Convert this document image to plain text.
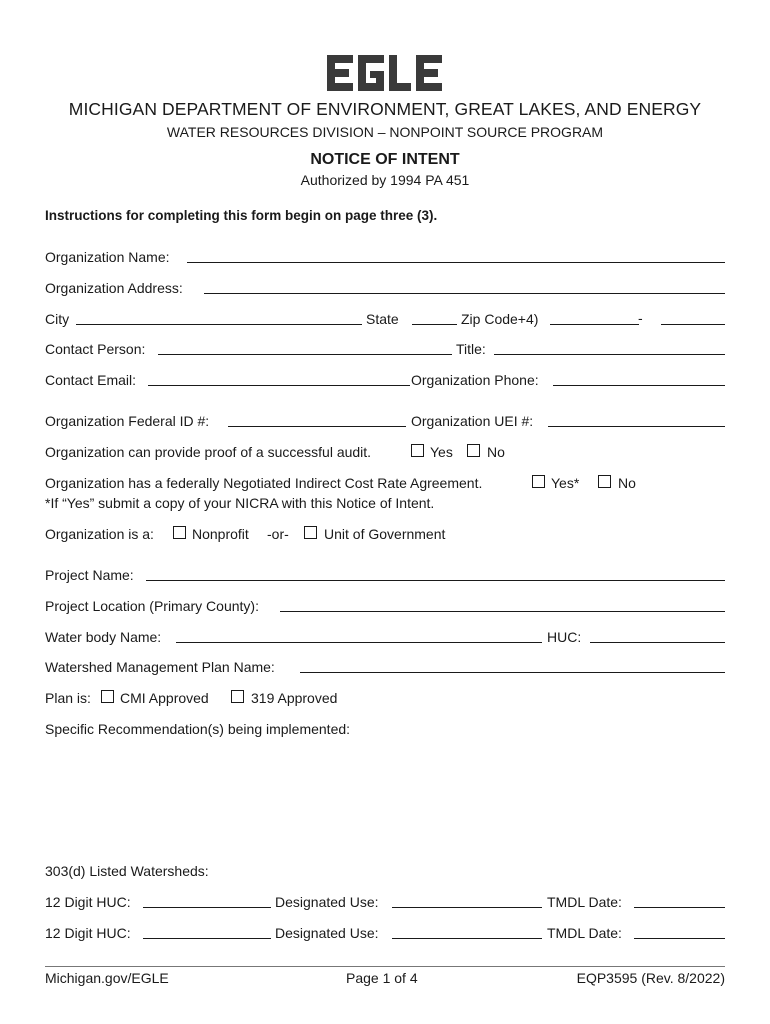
MICHIGAN DEPARTMENT OF ENVIRONMENT, GREAT LAKES, AND ENERGY
WATER RESOURCES DIVISION – NONPOINT SOURCE PROGRAM
NOTICE OF INTENT
Authorized by 1994 PA 451
Instructions for completing this form begin on page three (3).
Organization Name:
Organization Address:
City	State	Zip Code+4)	-
Contact Person:	Title:
Contact Email:	Organization Phone:
Organization Federal ID #:	Organization UEI #:
Organization can provide proof of a successful audit.	Yes No
Organization has a federally Negotiated Indirect Cost Rate Agreement.	Yes*	No
*If “Yes” submit a copy of your NICRA with this Notice of Intent.
Organization is a:	Nonprofit -or-	Unit of Government
Project Name:
Project Location (Primary County):
Water body Name:	HUC:
Watershed Management Plan Name:
Plan is: CMI Approved	319 Approved
Specific Recommendation(s) being implemented:
303(d) Listed Watersheds:
12 Digit HUC:	Designated Use:	TMDL Date:
12 Digit HUC:	Designated Use:	TMDL Date:
Michigan.gov/EGLE	Page 1 of 4	EQP3595 (Rev. 8/2022)
